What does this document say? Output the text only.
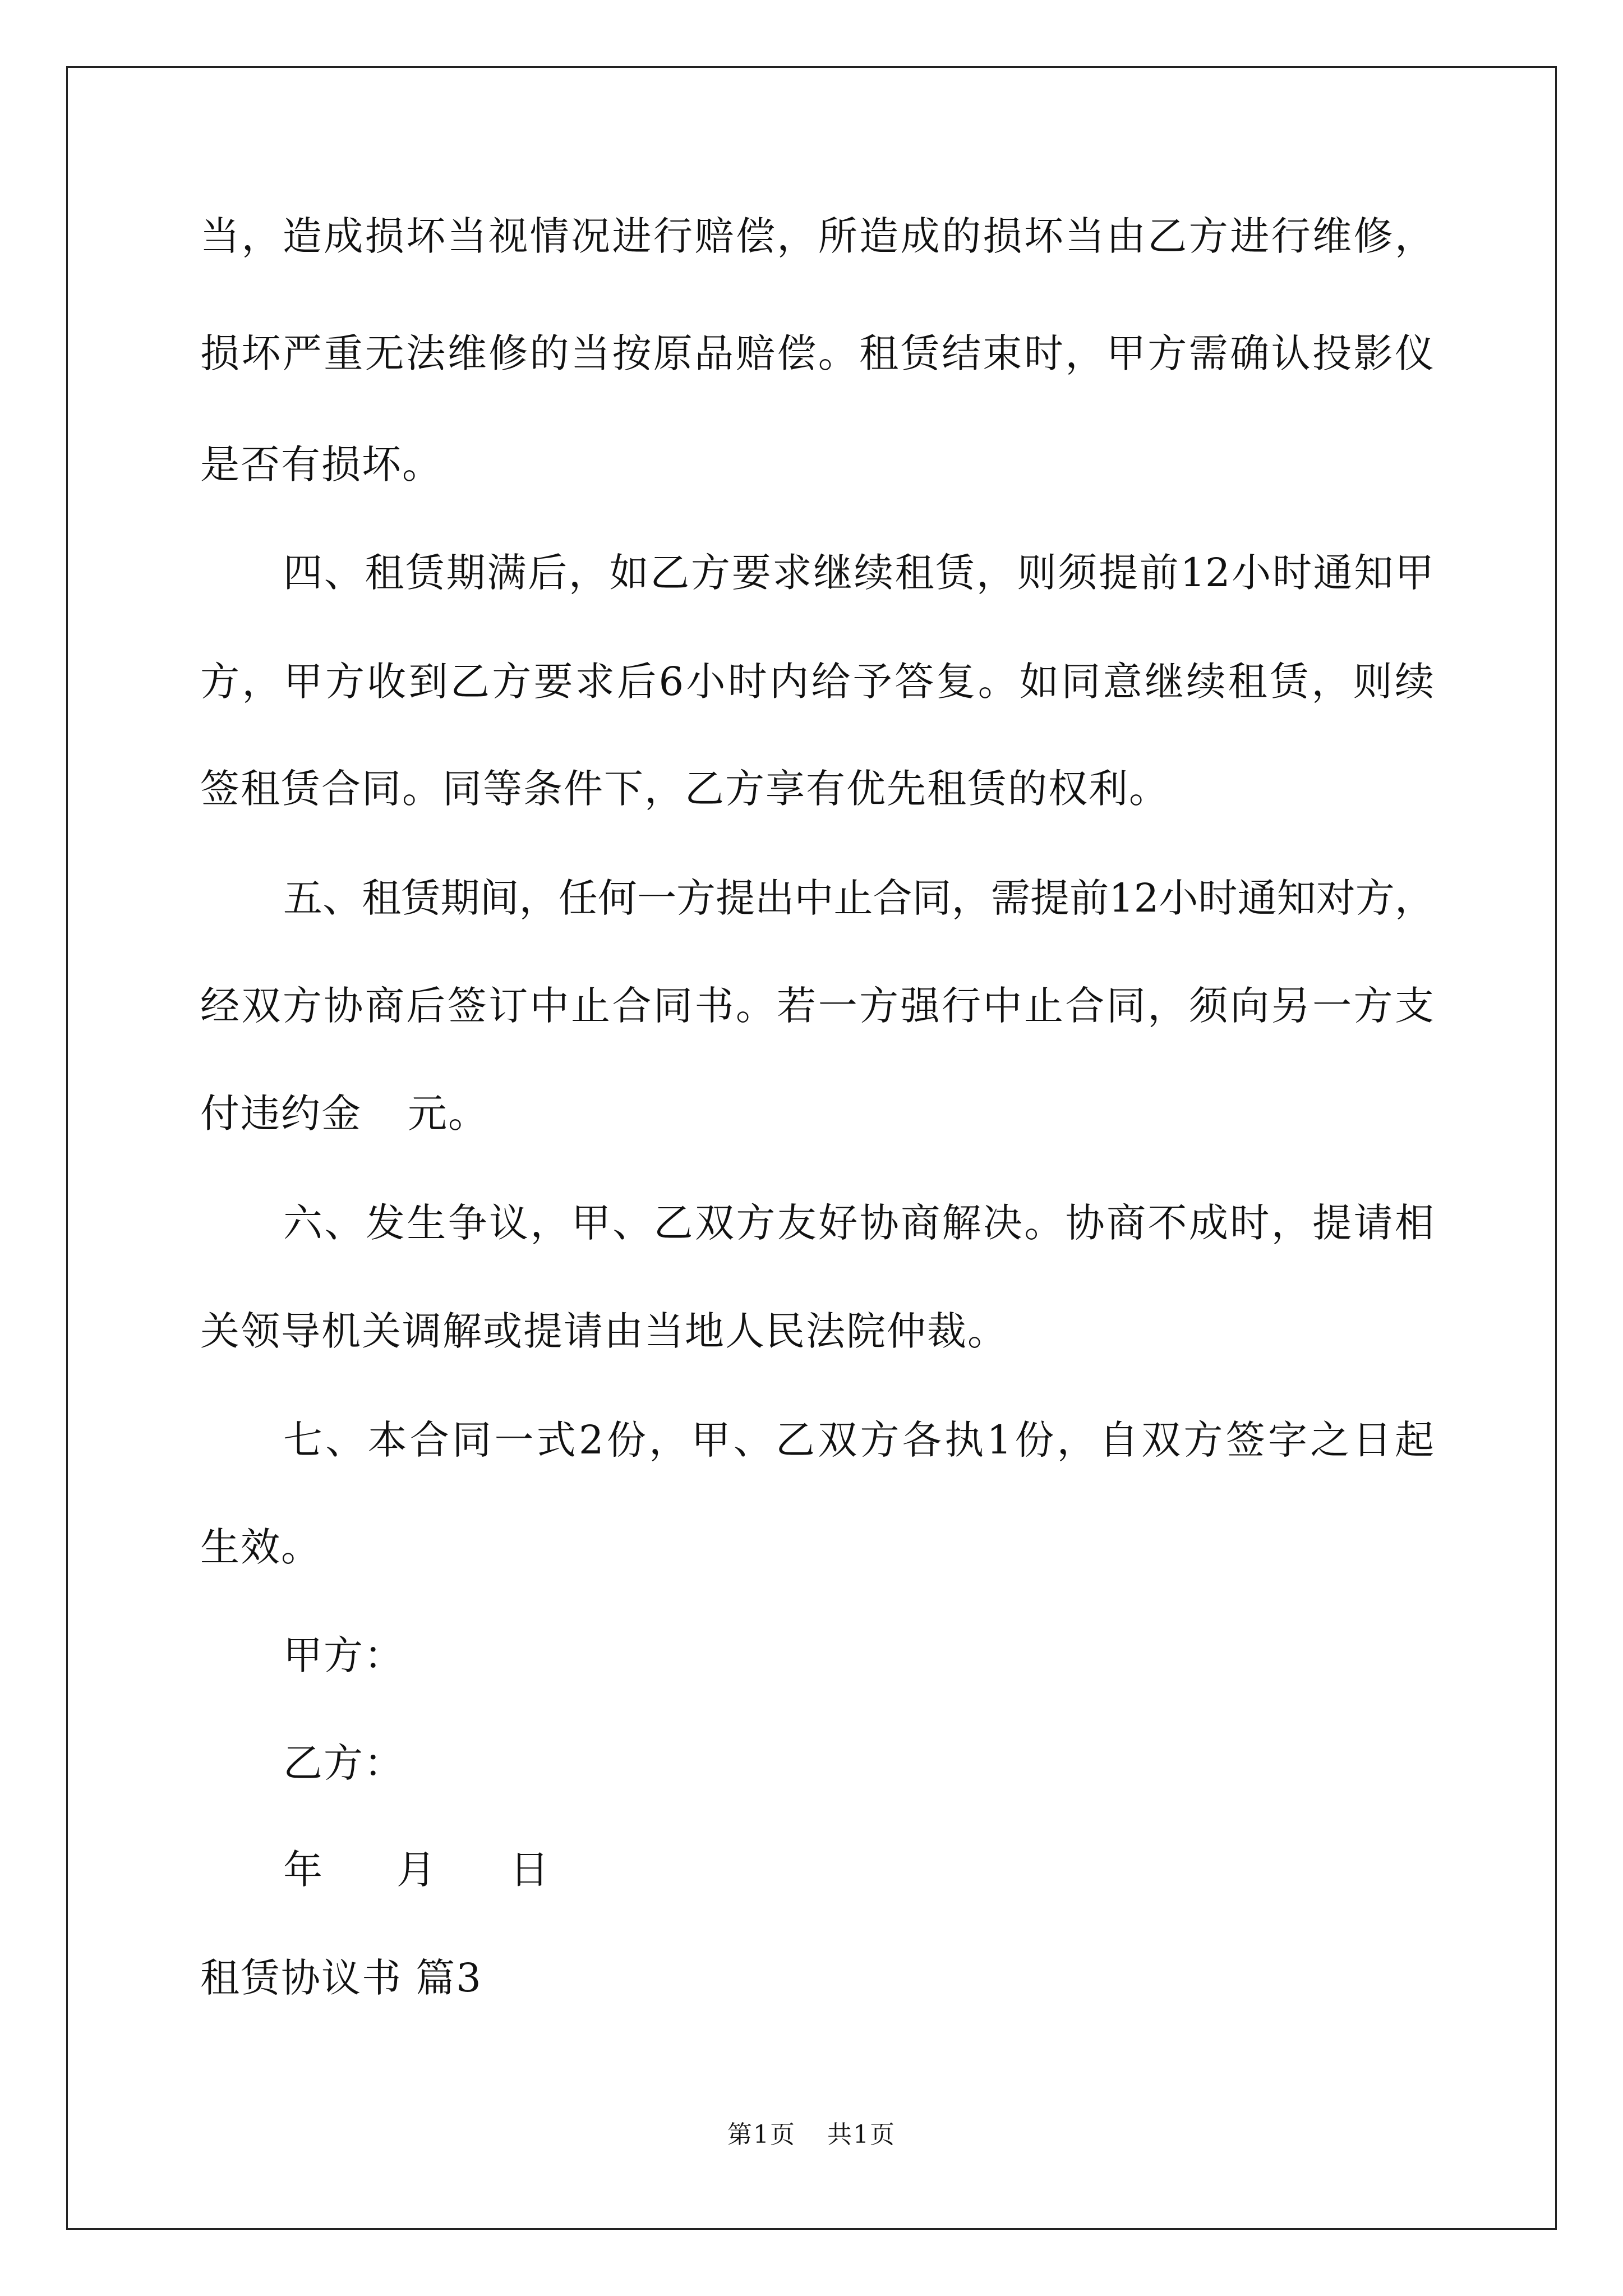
当，造成损坏当视情况进行赔偿，所造成的损坏当由乙方进行维修，
损坏严重无法维修的当按原品赔偿。租赁结束时，甲方需确认投影仪
是否有损坏。
四、租赁期满后，如乙方要求继续租赁，则须提前12小时通知甲
方，甲方收到乙方要求后6小时内给予答复。如同意继续租赁，则续
签租赁合同。同等条件下，乙方享有优先租赁的权利。
五、租赁期间，任何一方提出中止合同，需提前12小时通知对方，
经双方协商后签订中止合同书。若一方强行中止合同，须向另一方支
付违约金 元。
六、发生争议，甲、乙双方友好协商解决。协商不成时，提请相
关领导机关调解或提请由当地人民法院仲裁。
七、本合同一式2份，甲、乙双方各执1份，自双方签字之日起
生效。
甲方：
乙方：
年 月 日
租赁协议书 篇3
第1页 共1页
